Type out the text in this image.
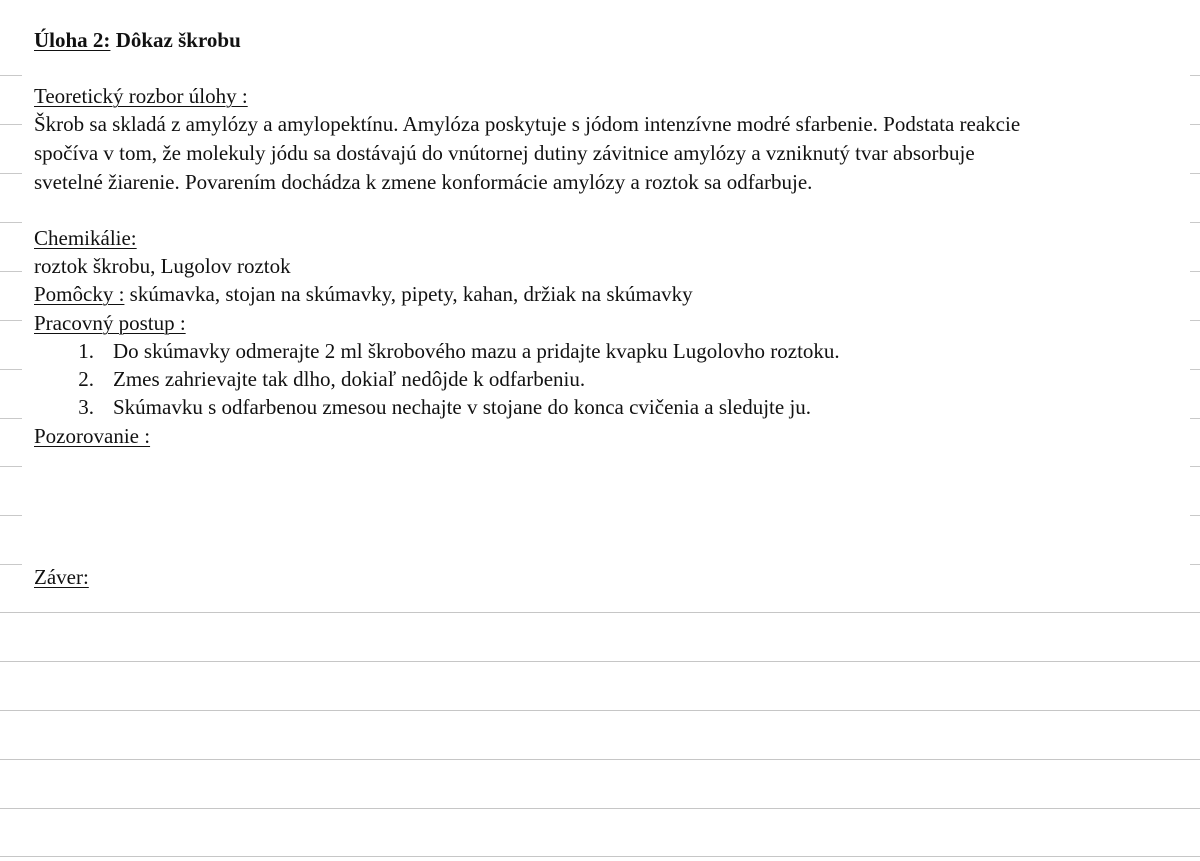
Úloha 2: Dôkaz škrobu
Teoretický rozbor úlohy :
Škrob sa skladá z amylózy a amylopektínu. Amylóza poskytuje s jódom intenzívne modré sfarbenie. Podstata reakcie
spočíva v tom, že molekuly jódu sa dostávajú do vnútornej dutiny závitnice amylózy a vzniknutý tvar absorbuje
svetelné žiarenie. Povarením dochádza k zmene konformácie amylózy a roztok sa odfarbuje.
Chemikálie:
roztok škrobu, Lugolov roztok
Pomôcky : skúmavka, stojan na skúmavky, pipety, kahan, držiak na skúmavky
Pracovný postup :
1. Do skúmavky odmerajte 2 ml škrobového mazu a pridajte kvapku Lugolovho roztoku.
2. Zmes zahrievajte tak dlho, dokiaľ nedôjde k odfarbeniu.
3. Skúmavku s odfarbenou zmesou nechajte v stojane do konca cvičenia a sledujte ju.
Pozorovanie :
Záver:
